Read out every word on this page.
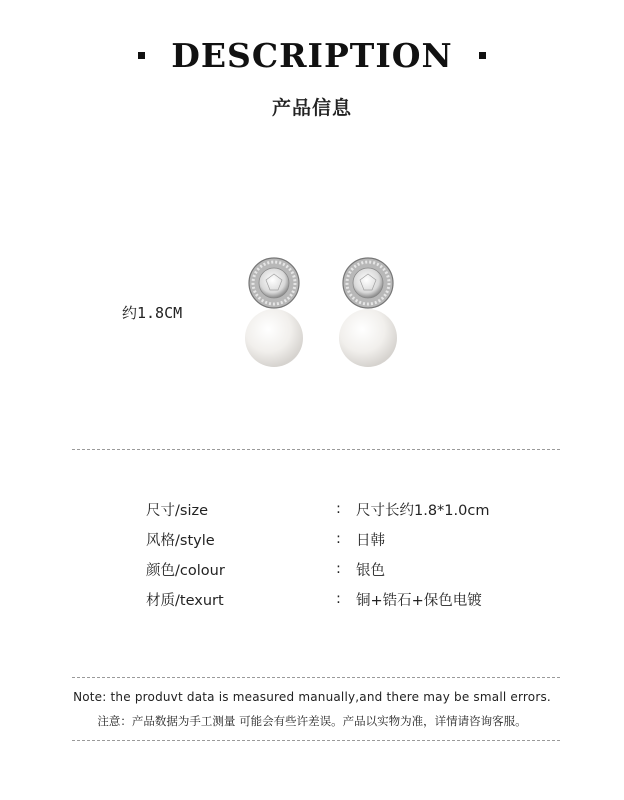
DESCRIPTION
产品信息
约1.8CM
尺寸/size	:	尺寸长约1.8*1.0cm
风格/style	:	日韩
颜色/colour	:	银色
材质/texurt	:	铜+锆石+保色电镀
Note: the produvt data is measured manually,and there may be small errors.
注意：产品数据为手工测量 可能会有些许差误。产品以实物为准，详情请咨询客服。
